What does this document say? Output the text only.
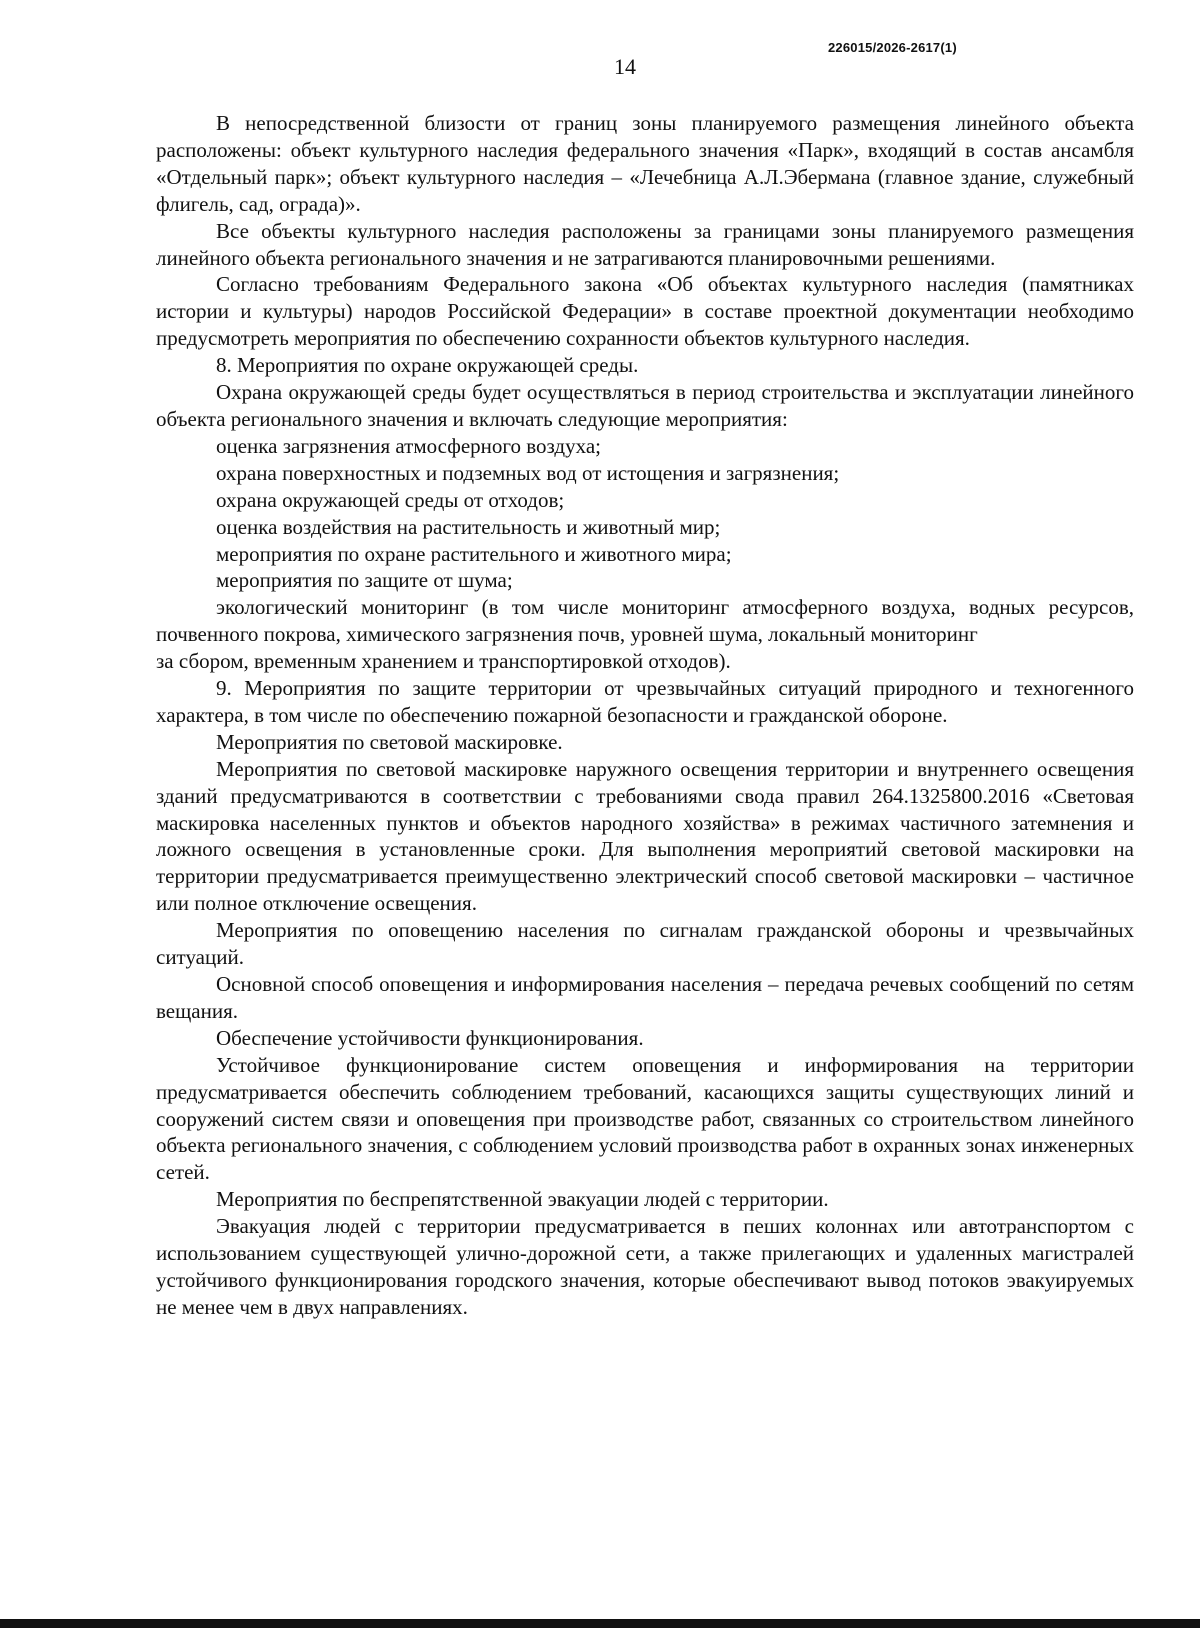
226015/2026-2617(1)
14

В непосредственной близости от границ зоны планируемого размещения линейного объекта расположены: объект культурного наследия федерального значения «Парк», входящий в состав ансамбля «Отдельный парк»; объект культурного наследия – «Лечебница А.Л.Эбермана (главное здание, служебный флигель, сад, ограда)».

Все объекты культурного наследия расположены за границами зоны планируемого размещения линейного объекта регионального значения и не затрагиваются планировочными решениями.

Согласно требованиям Федерального закона «Об объектах культурного наследия (памятниках истории и культуры) народов Российской Федерации» в составе проектной документации необходимо предусмотреть мероприятия по обеспечению сохранности объектов культурного наследия.

8. Мероприятия по охране окружающей среды.

Охрана окружающей среды будет осуществляться в период строительства и эксплуатации линейного объекта регионального значения и включать следующие мероприятия:

оценка загрязнения атмосферного воздуха;

охрана поверхностных и подземных вод от истощения и загрязнения;

охрана окружающей среды от отходов;

оценка воздействия на растительность и животный мир;

мероприятия по охране растительного и животного мира;

мероприятия по защите от шума;

экологический мониторинг (в том числе мониторинг атмосферного воздуха, водных ресурсов, почвенного покрова, химического загрязнения почв, уровней шума, локальный мониторинг

за сбором, временным хранением и транспортировкой отходов).

9. Мероприятия по защите территории от чрезвычайных ситуаций природного и техногенного характера, в том числе по обеспечению пожарной безопасности и гражданской обороне.

Мероприятия по световой маскировке.

Мероприятия по световой маскировке наружного освещения территории и внутреннего освещения зданий предусматриваются в соответствии с требованиями свода правил 264.1325800.2016 «Световая маскировка населенных пунктов и объектов народного хозяйства» в режимах частичного затемнения и ложного освещения в установленные сроки. Для выполнения мероприятий световой маскировки на территории предусматривается преимущественно электрический способ световой маскировки – частичное или полное отключение освещения.

Мероприятия по оповещению населения по сигналам гражданской обороны и чрезвычайных ситуаций.

Основной способ оповещения и информирования населения – передача речевых сообщений по сетям вещания.

Обеспечение устойчивости функционирования.

Устойчивое функционирование систем оповещения и информирования на территории предусматривается обеспечить соблюдением требований, касающихся защиты существующих линий и сооружений систем связи и оповещения при производстве работ, связанных со строительством линейного объекта регионального значения, с соблюдением условий производства работ в охранных зонах инженерных сетей.

Мероприятия по беспрепятственной эвакуации людей с территории.

Эвакуация людей с территории предусматривается в пеших колоннах или автотранспортом с использованием существующей улично-дорожной сети, а также прилегающих и удаленных магистралей устойчивого функционирования городского значения, которые обеспечивают вывод потоков эвакуируемых не менее чем в двух направлениях.
